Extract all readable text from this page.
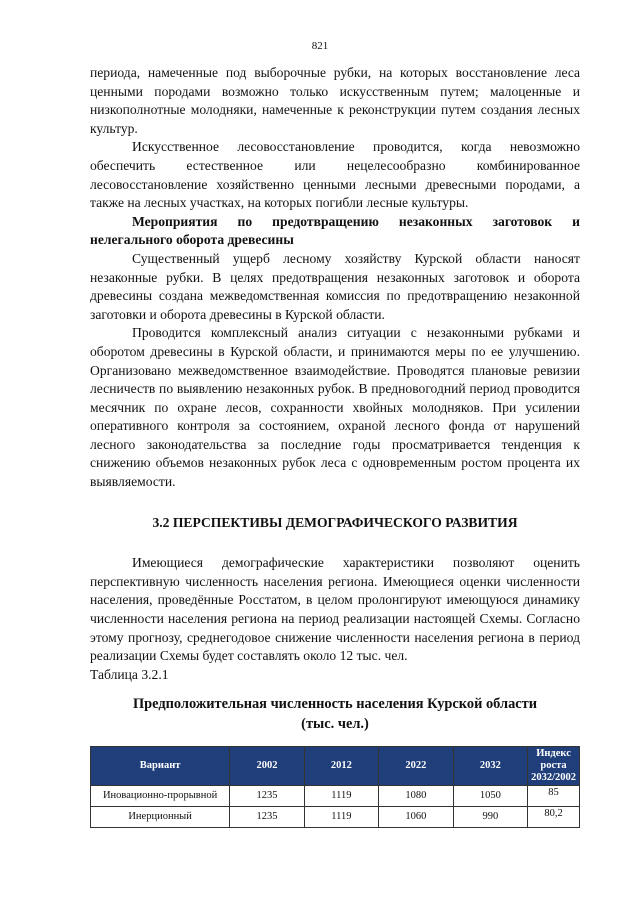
821

периода, намеченные под выборочные рубки, на которых восстановление лесa ценными породами возможно только искусственным путем; малоценные и низкополнотные молодняки, намеченные к реконструкции путем создания лесных культур.

Искусственное лесовосстановление проводится, когда невозможно обеспечить естественное или нецелесообразно комбинированное лесовосстановление хозяйственно ценными лесными древесными породами, а также на лесных участках, на которых погибли лесные культуры.

Мероприятия по предотвращению незаконных заготовок и нелегального оборота древесины

Существенный ущерб лесному хозяйству Курской области наносят незаконные рубки. В целях предотвращения незаконных заготовок и оборота древесины создана межведомственная комиссия по предотвращению незаконной заготовки и оборота древесины в Курской области.

Проводится комплексный анализ ситуации с незаконными рубками и оборотом древесины в Курской области, и принимаются меры по ее улучшению. Организовано межведомственное взаимодействие. Проводятся плановые ревизии лесничеств по выявлению незаконных рубок. В предновогодний период проводится месячник по охране лесов, сохранности хвойных молодняков. При усилении оперативного контроля за состоянием, охраной лесного фонда от нарушений лесного законодательства за последние годы просматривается тенденция к снижению объемов незаконных рубок леса с одновременным ростом процента их выявляемости.

3.2 ПЕРСПЕКТИВЫ ДЕМОГРАФИЧЕСКОГО РАЗВИТИЯ

Имеющиеся демографические характеристики позволяют оценить перспективную численность населения региона. Имеющиеся оценки численности населения, проведённые Росстатом, в целом пролонгируют имеющуюся динамику численности населения региона на период реализации настоящей Схемы. Согласно этому прогнозу, среднегодовое снижение численности населения региона в период реализации Схемы будет составлять около 12 тыс. чел.

Таблица 3.2.1

Предположительная численность населения Курской области
(тыс. чел.)
Вариант	2002	2012	2022	2032	Индекс роста 2032/2002
Иновационно-прорывной	1235	1119	1080	1050	85
Инерционный	1235	1119	1060	990	80,2
